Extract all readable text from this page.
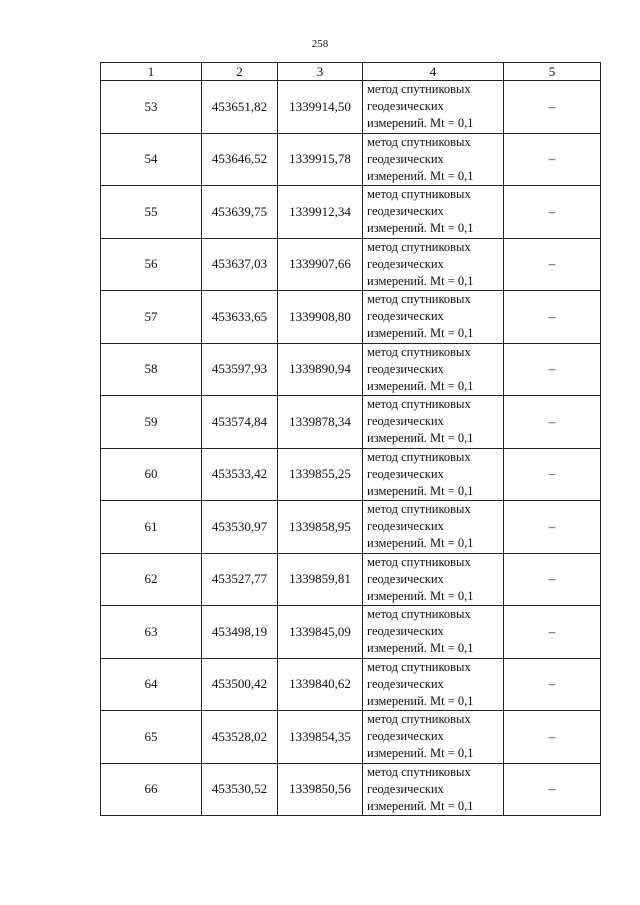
258
1	2	3	4	5
53	453651,82	1339914,50	метод спутниковых
геодезических
измерений. Mt = 0,1	–
54	453646,52	1339915,78	метод спутниковых
геодезических
измерений. Mt = 0,1	–
55	453639,75	1339912,34	метод спутниковых
геодезических
измерений. Mt = 0,1	–
56	453637,03	1339907,66	метод спутниковых
геодезических
измерений. Mt = 0,1	–
57	453633,65	1339908,80	метод спутниковых
геодезических
измерений. Mt = 0,1	–
58	453597,93	1339890,94	метод спутниковых
геодезических
измерений. Mt = 0,1	–
59	453574,84	1339878,34	метод спутниковых
геодезических
измерений. Mt = 0,1	–
60	453533,42	1339855,25	метод спутниковых
геодезических
измерений. Mt = 0,1	–
61	453530,97	1339858,95	метод спутниковых
геодезических
измерений. Mt = 0,1	–
62	453527,77	1339859,81	метод спутниковых
геодезических
измерений. Mt = 0,1	–
63	453498,19	1339845,09	метод спутниковых
геодезических
измерений. Mt = 0,1	–
64	453500,42	1339840,62	метод спутниковых
геодезических
измерений. Mt = 0,1	–
65	453528,02	1339854,35	метод спутниковых
геодезических
измерений. Mt = 0,1	–
66	453530,52	1339850,56	метод спутниковых
геодезических
измерений. Mt = 0,1	–
